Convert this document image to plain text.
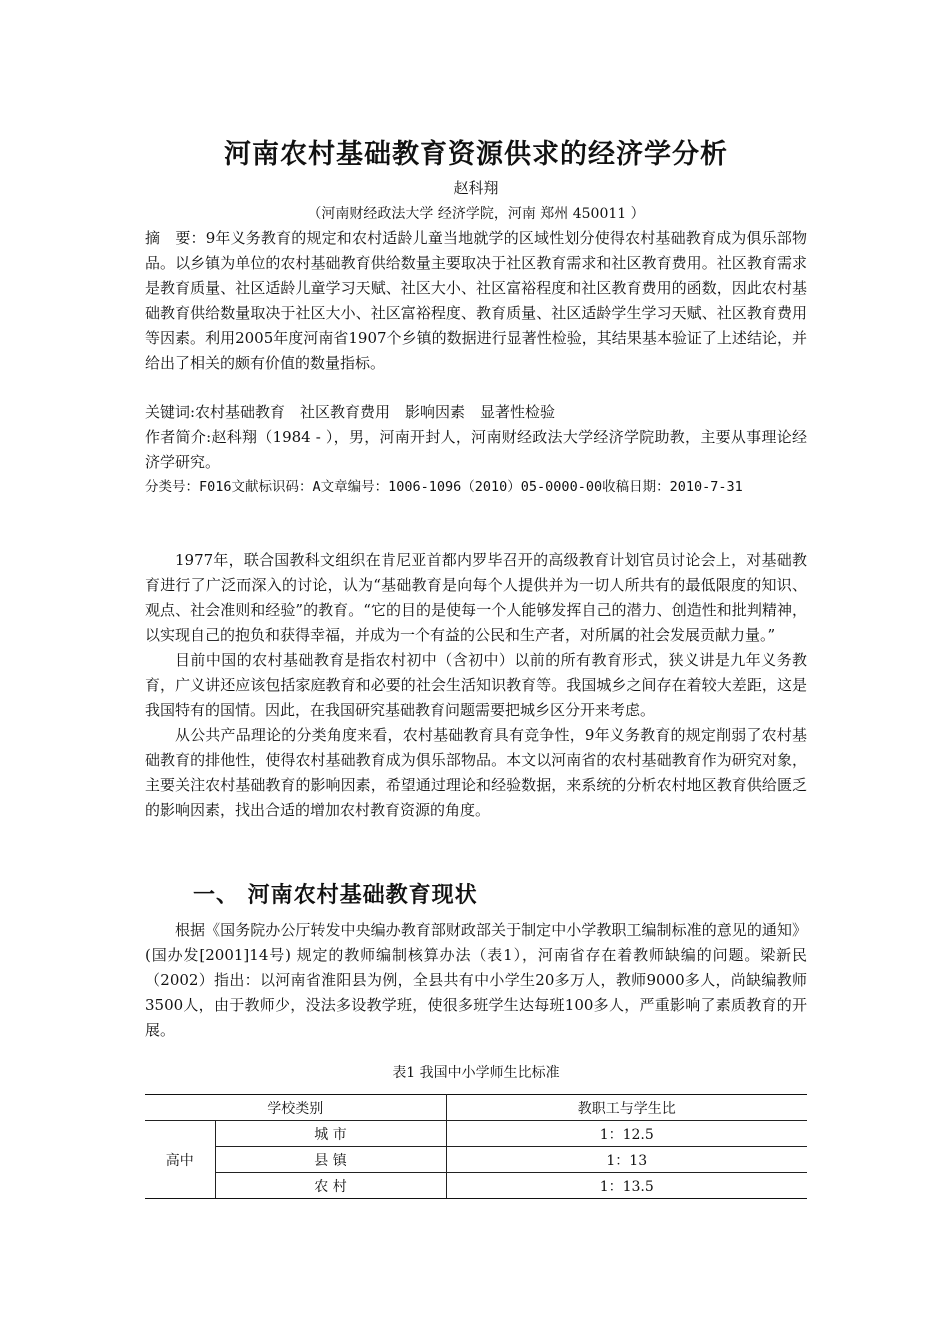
河南农村基础教育资源供求的经济学分析
赵科翔
（河南财经政法大学 经济学院，河南 郑州 450011 ）
摘　要：9年义务教育的规定和农村适龄儿童当地就学的区域性划分使得农村基础教育成为俱乐部物品。以乡镇为单位的农村基础教育供给数量主要取决于社区教育需求和社区教育费用。社区教育需求是教育质量、社区适龄儿童学习天赋、社区大小、社区富裕程度和社区教育费用的函数，因此农村基础教育供给数量取决于社区大小、社区富裕程度、教育质量、社区适龄学生学习天赋、社区教育费用等因素。利用2005年度河南省1907个乡镇的数据进行显著性检验，其结果基本验证了上述结论，并给出了相关的颇有价值的数量指标。
关键词:农村基础教育　社区教育费用　影响因素　显著性检验
作者简介:赵科翔（1984 - ），男，河南开封人，河南财经政法大学经济学院助教，主要从事理论经济学研究。
分类号：F016文献标识码：A文章编号：1006-1096（2010）05-0000-00收稿日期：2010-7-31

1977年，联合国教科文组织在肯尼亚首都内罗毕召开的高级教育计划官员讨论会上，对基础教育进行了广泛而深入的讨论，认为“基础教育是向每个人提供并为一切人所共有的最低限度的知识、观点、社会准则和经验”的教育。“它的目的是使每一个人能够发挥自己的潜力、创造性和批判精神，以实现自己的抱负和获得幸福，并成为一个有益的公民和生产者，对所属的社会发展贡献力量。”

目前中国的农村基础教育是指农村初中（含初中）以前的所有教育形式，狭义讲是九年义务教育，广义讲还应该包括家庭教育和必要的社会生活知识教育等。我国城乡之间存在着较大差距，这是我国特有的国情。因此，在我国研究基础教育问题需要把城乡区分开来考虑。

从公共产品理论的分类角度来看，农村基础教育具有竞争性，9年义务教育的规定削弱了农村基础教育的排他性，使得农村基础教育成为俱乐部物品。本文以河南省的农村基础教育作为研究对象，主要关注农村基础教育的影响因素，希望通过理论和经验数据，来系统的分析农村地区教育供给匮乏的影响因素，找出合适的增加农村教育资源的角度。

一、 河南农村基础教育现状

根据《国务院办公厅转发中央编办教育部财政部关于制定中小学教职工编制标准的意见的通知》(国办发[2001]14号) 规定的教师编制核算办法（表1），河南省存在着教师缺编的问题。梁新民（2002）指出：以河南省淮阳县为例，全县共有中小学生20多万人，教师9000多人，尚缺编教师3500人，由于教师少，没法多设教学班，使很多班学生达每班100多人，严重影响了素质教育的开展。

表1 我国中小学师生比标准
学校类别		教职工与学生比
高中	城 市	1：12.5
	县 镇	1：13
	农 村	1：13.5
